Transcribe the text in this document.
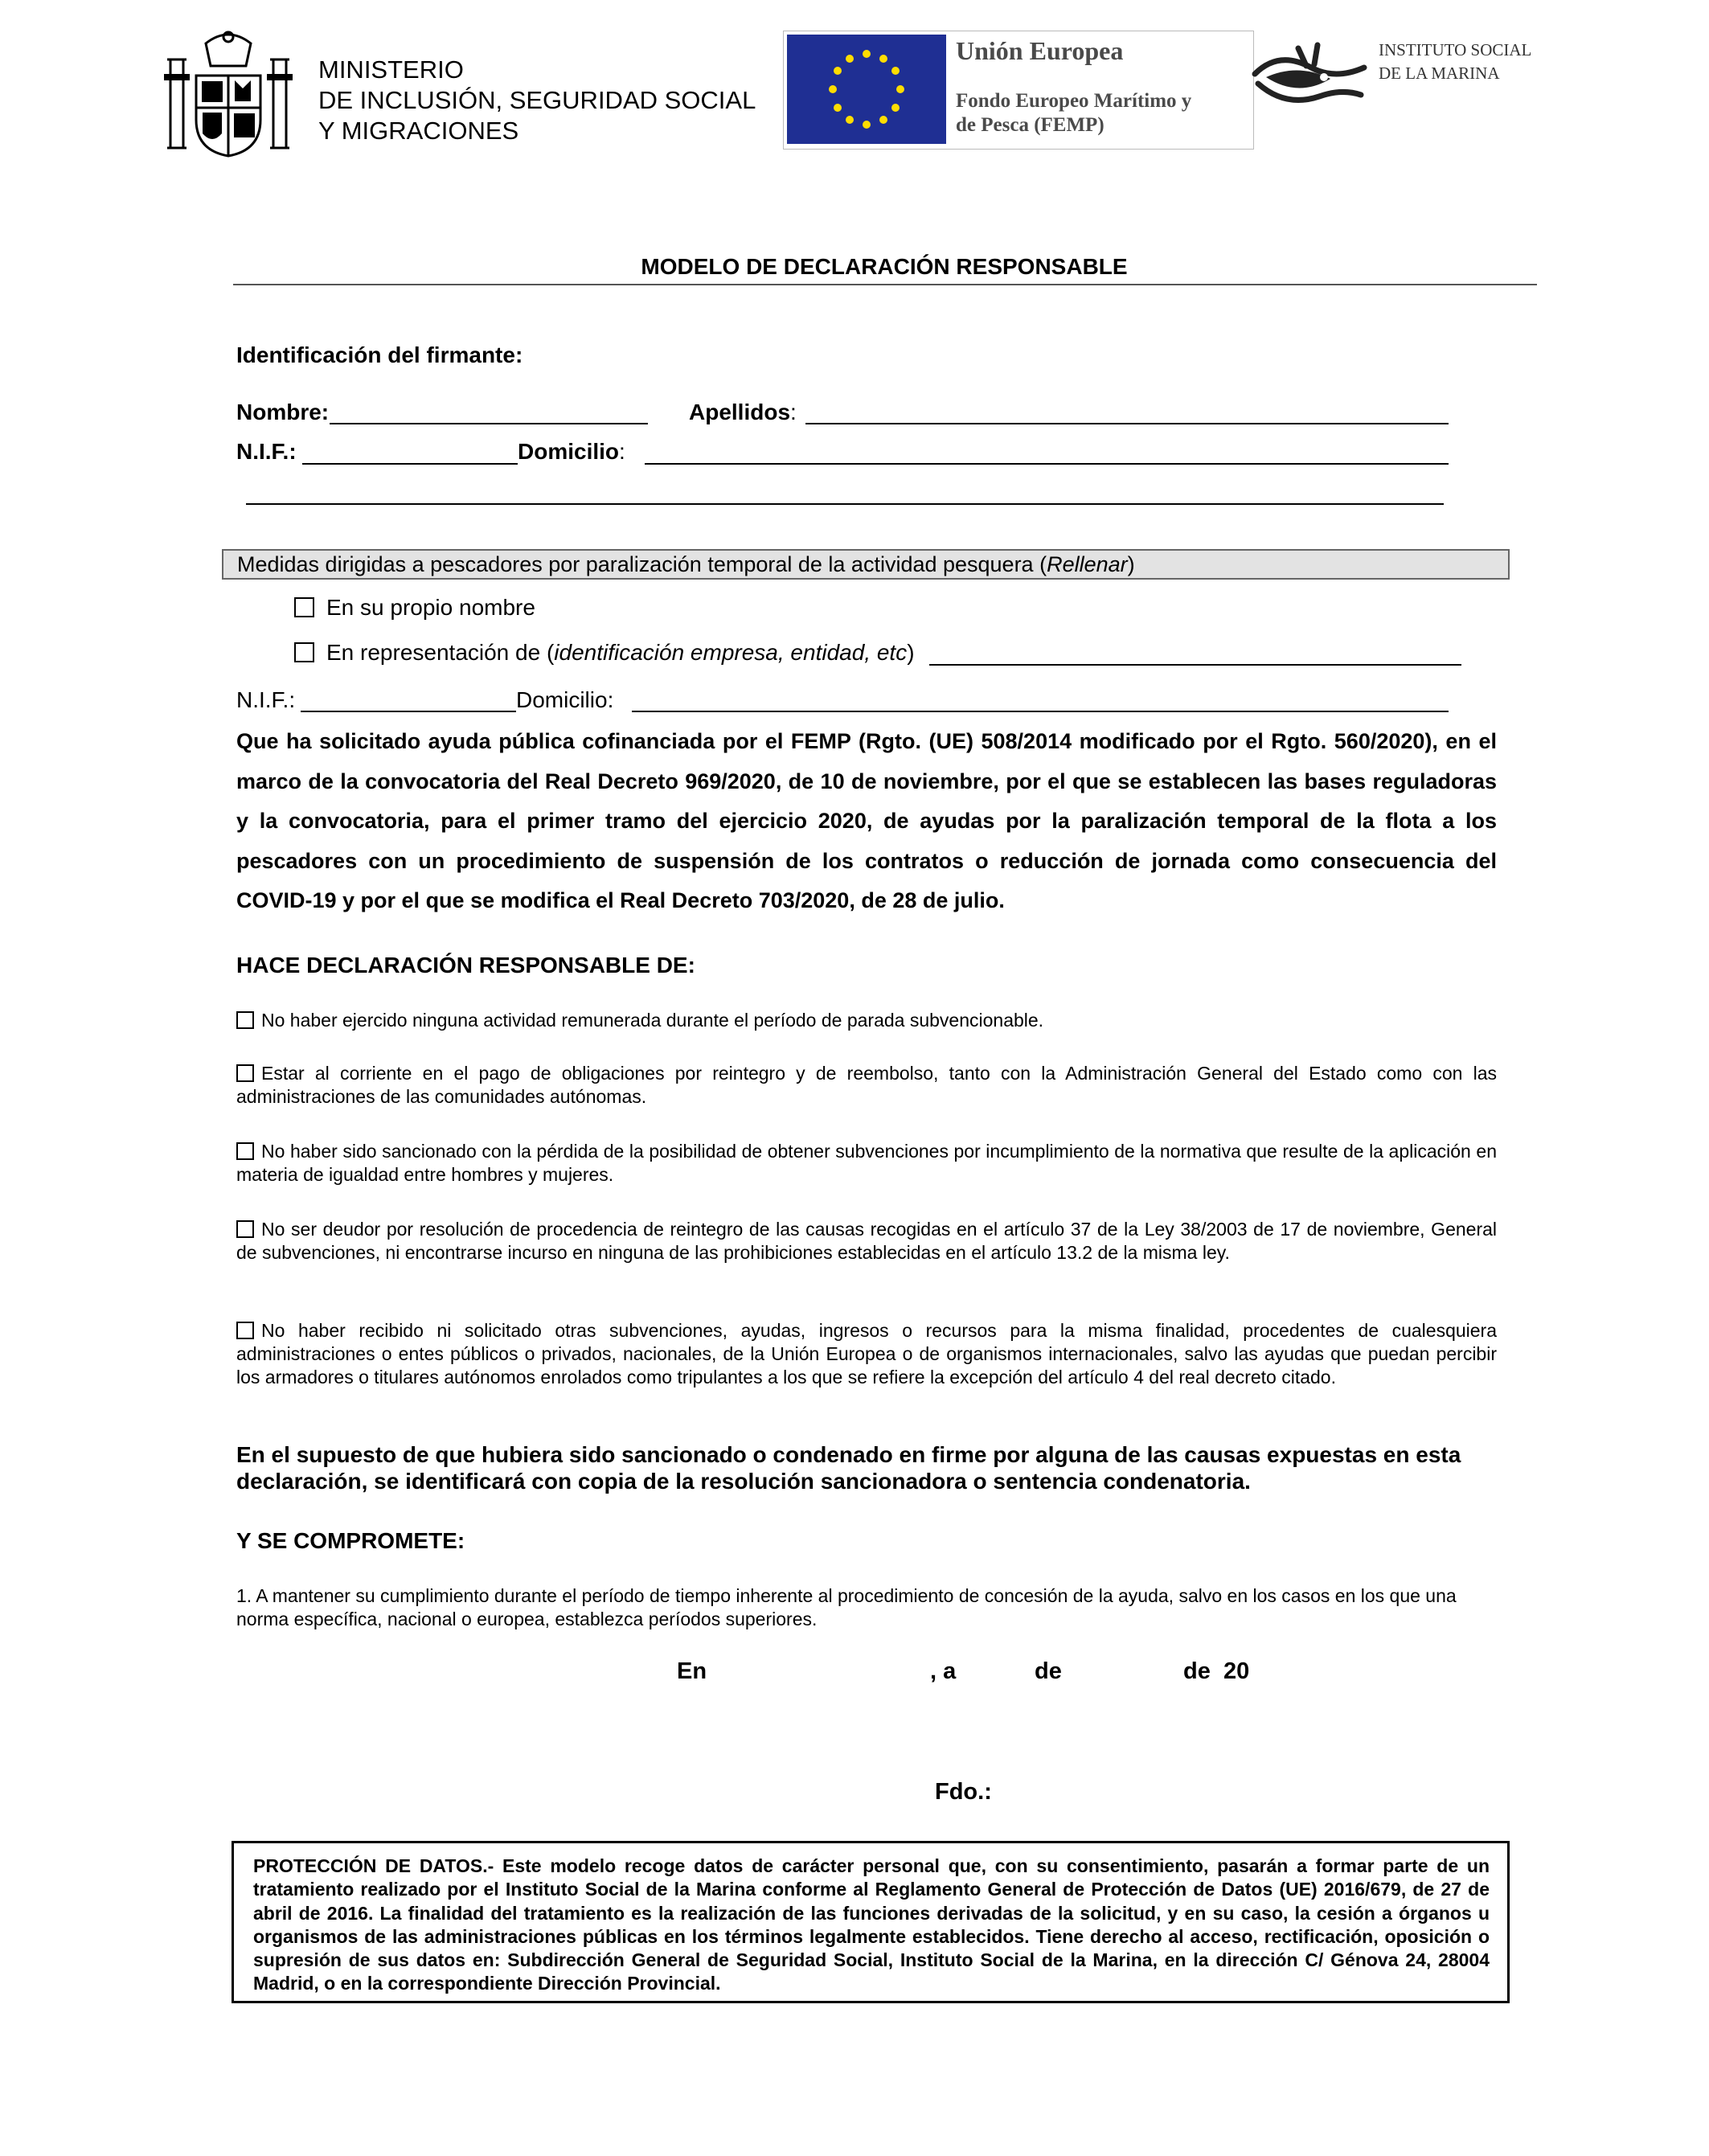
MINISTERIO
DE INCLUSIÓN, SEGURIDAD SOCIAL
Y MIGRACIONES
Unión Europea
Fondo Europeo Marítimo y
de Pesca (FEMP)
INSTITUTO SOCIAL
DE LA MARINA
MODELO DE DECLARACIÓN RESPONSABLE
Identificación del firmante:
Nombre:	Apellidos:
N.I.F.:	Domicilio:
Medidas dirigidas a pescadores por paralización temporal de la actividad pesquera (Rellenar)
En su propio nombre
En representación de (identificación empresa, entidad, etc)
N.I.F.:	Domicilio:
Que ha solicitado ayuda pública cofinanciada por el FEMP (Rgto. (UE) 508/2014 modificado por el Rgto. 560/2020), en el marco de la convocatoria del Real Decreto 969/2020, de 10 de noviembre, por el que se establecen las bases reguladoras y la convocatoria, para el primer tramo del ejercicio 2020, de ayudas por la paralización temporal de la flota a los pescadores con un procedimiento de suspensión de los contratos o reducción de jornada como consecuencia del COVID-19 y por el que se modifica el Real Decreto 703/2020, de 28 de julio.
HACE DECLARACIÓN RESPONSABLE DE:
No haber ejercido ninguna actividad remunerada durante el período de parada subvencionable.
Estar al corriente en el pago de obligaciones por reintegro y de reembolso, tanto con la Administración General del Estado como con las administraciones de las comunidades autónomas.
No haber sido sancionado con la pérdida de la posibilidad de obtener subvenciones por incumplimiento de la normativa que resulte de la aplicación en materia de igualdad entre hombres y mujeres.
No ser deudor por resolución de procedencia de reintegro de las causas recogidas en el artículo 37 de la Ley 38/2003 de 17 de noviembre, General de subvenciones, ni encontrarse incurso en ninguna de las prohibiciones establecidas en el artículo 13.2 de la misma ley.
No haber recibido ni solicitado otras subvenciones, ayudas, ingresos o recursos para la misma finalidad, procedentes de cualesquiera administraciones o entes públicos o privados, nacionales, de la Unión Europea o de organismos internacionales, salvo las ayudas que puedan percibir los armadores o titulares autónomos enrolados como tripulantes a los que se refiere la excepción del artículo 4 del real decreto citado.
En el supuesto de que hubiera sido sancionado o condenado en firme por alguna de las causas expuestas en esta declaración, se identificará con copia de la resolución sancionadora o sentencia condenatoria.
Y SE COMPROMETE:
1. A mantener su cumplimiento durante el período de tiempo inherente al procedimiento de concesión de la ayuda, salvo en los casos en los que una norma específica, nacional o europea, establezca períodos superiores.
En	, a	de	de  20
Fdo.:
PROTECCIÓN DE DATOS.- Este modelo recoge datos de carácter personal que, con su consentimiento, pasarán a formar parte de un tratamiento realizado por el Instituto Social de la Marina conforme al Reglamento General de Protección de Datos (UE) 2016/679, de 27 de abril de 2016. La finalidad del tratamiento es la realización de las funciones derivadas de la solicitud, y en su caso, la cesión a órganos u organismos de las administraciones públicas en los términos legalmente establecidos. Tiene derecho al acceso, rectificación, oposición o supresión de sus datos en: Subdirección General de Seguridad Social, Instituto Social de la Marina, en la dirección C/ Génova 24, 28004 Madrid, o en la correspondiente Dirección Provincial.
